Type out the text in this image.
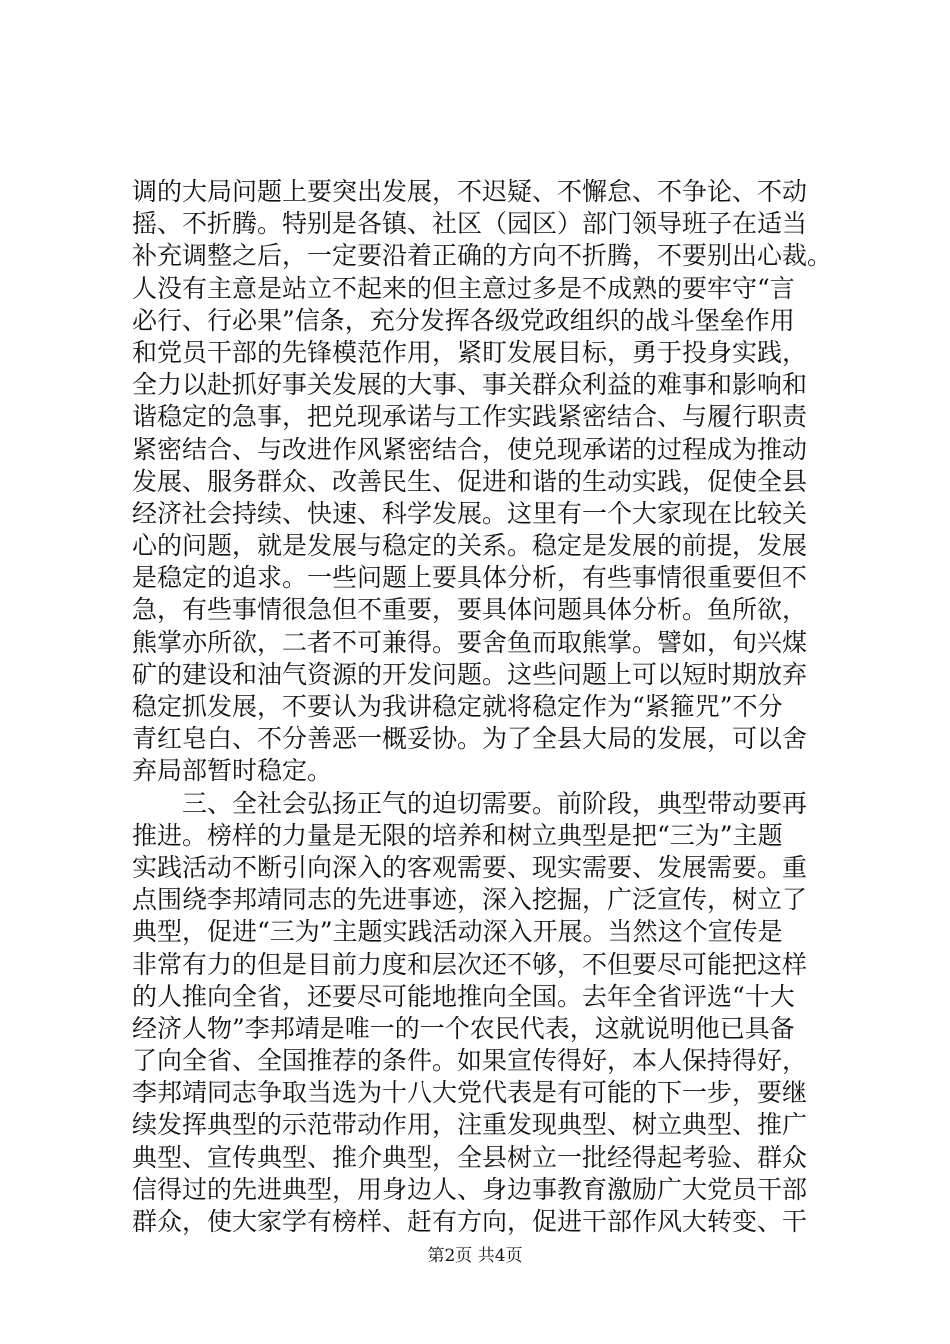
调的大局问题上要突出发展，不迟疑、不懈怠、不争论、不动
摇、不折腾。特别是各镇、社区（园区）部门领导班子在适当
补充调整之后，一定要沿着正确的方向不折腾，不要别出心裁。
人没有主意是站立不起来的但主意过多是不成熟的要牢守“言
必行、行必果”信条，充分发挥各级党政组织的战斗堡垒作用
和党员干部的先锋模范作用，紧盯发展目标，勇于投身实践，
全力以赴抓好事关发展的大事、事关群众利益的难事和影响和
谐稳定的急事，把兑现承诺与工作实践紧密结合、与履行职责
紧密结合、与改进作风紧密结合，使兑现承诺的过程成为推动
发展、服务群众、改善民生、促进和谐的生动实践，促使全县
经济社会持续、快速、科学发展。这里有一个大家现在比较关
心的问题，就是发展与稳定的关系。稳定是发展的前提，发展
是稳定的追求。一些问题上要具体分析，有些事情很重要但不
急，有些事情很急但不重要，要具体问题具体分析。鱼所欲，
熊掌亦所欲，二者不可兼得。要舍鱼而取熊掌。譬如，旬兴煤
矿的建设和油气资源的开发问题。这些问题上可以短时期放弃
稳定抓发展，不要认为我讲稳定就将稳定作为“紧箍咒”不分
青红皂白、不分善恶一概妥协。为了全县大局的发展，可以舍
弃局部暂时稳定。
三、全社会弘扬正气的迫切需要。前阶段，典型带动要再
推进。榜样的力量是无限的培养和树立典型是把“三为”主题
实践活动不断引向深入的客观需要、现实需要、发展需要。重
点围绕李邦靖同志的先进事迹，深入挖掘，广泛宣传，树立了
典型，促进“三为”主题实践活动深入开展。当然这个宣传是
非常有力的但是目前力度和层次还不够，不但要尽可能把这样
的人推向全省，还要尽可能地推向全国。去年全省评选“十大
经济人物”李邦靖是唯一的一个农民代表，这就说明他已具备
了向全省、全国推荐的条件。如果宣传得好，本人保持得好，
李邦靖同志争取当选为十八大党代表是有可能的下一步，要继
续发挥典型的示范带动作用，注重发现典型、树立典型、推广
典型、宣传典型、推介典型，全县树立一批经得起考验、群众
信得过的先进典型，用身边人、身边事教育激励广大党员干部
群众，使大家学有榜样、赶有方向，促进干部作风大转变、干
第2页 共4页
